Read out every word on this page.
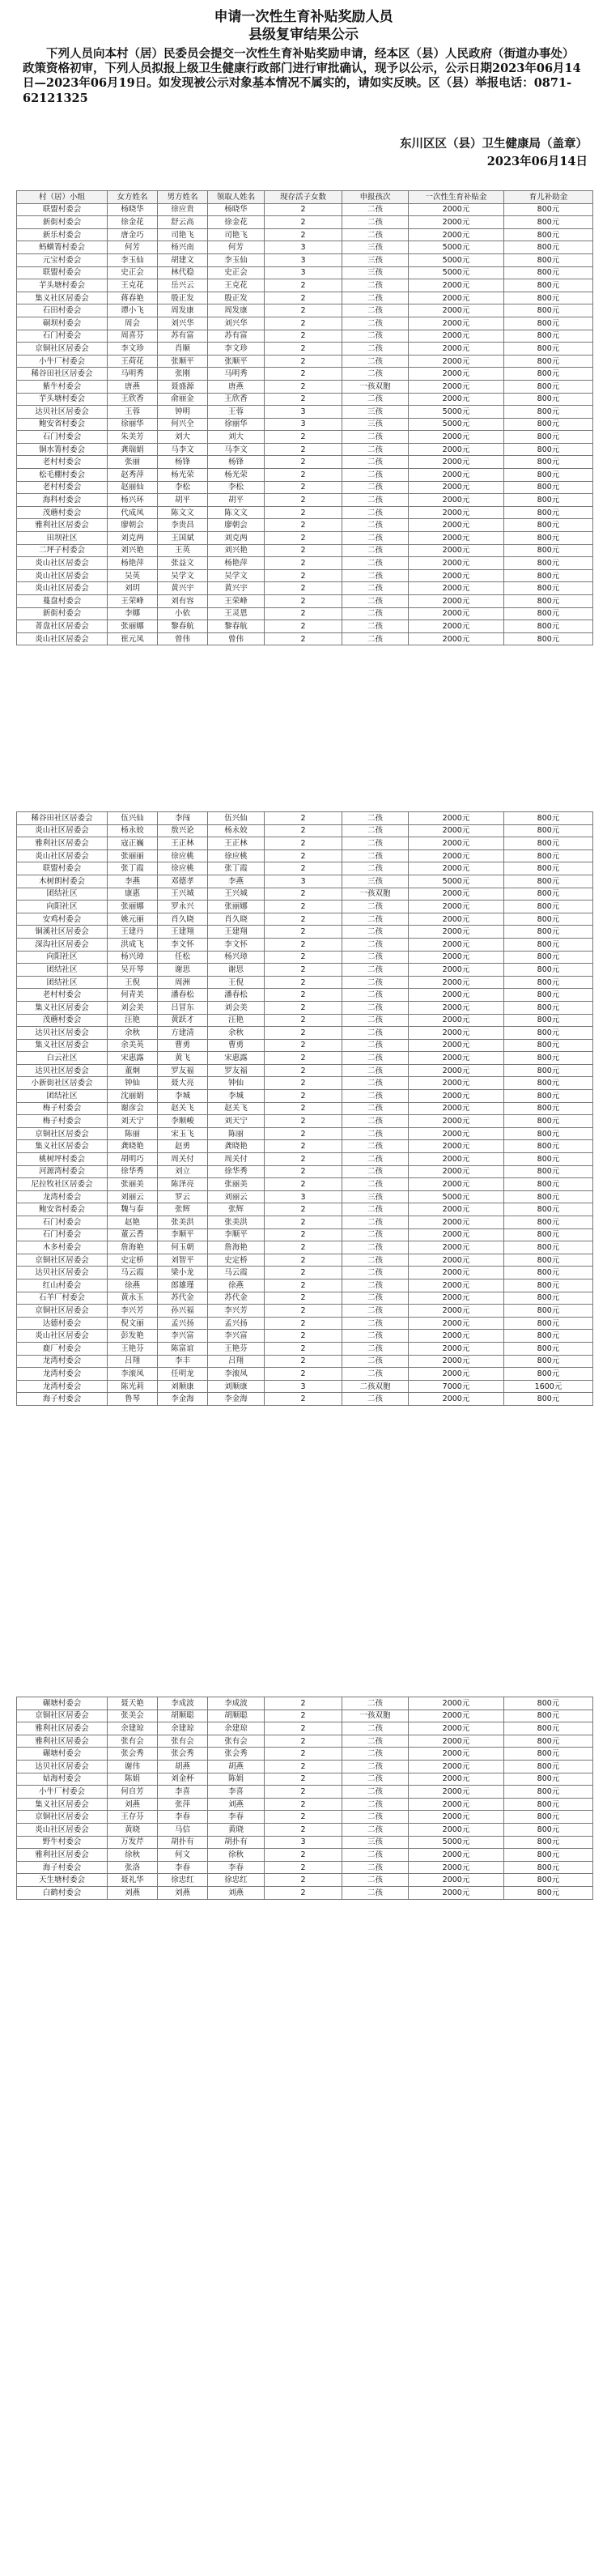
申请一次性生育补贴奖励人员
县级复审结果公示
下列人员向本村（居）民委员会提交一次性生育补贴奖励申请，经本区（县）人民政府（街道办事处）政策资格初审，下列人员拟报上级卫生健康行政部门进行审批确认，现予以公示，公示日期2023年06月14日—2023年06月19日。如发现被公示对象基本情况不属实的，请如实反映。区（县）举报电话：0871-62121325
东川区区（县）卫生健康局（盖章）
2023年06月14日
村（居）小组	女方姓名	男方姓名	领取人姓名	现存活子女数	申报孩次	一次性生育补贴金	育儿补助金
联盟村委会	杨晓华	徐应贵	杨晓华	2	二孩	2000元	800元
新街村委会	徐金花	舒云高	徐金花	2	二孩	2000元	800元
新乐村委会	唐金巧	司艳飞	司艳飞	2	二孩	2000元	800元
蚂蟥箐村委会	何芳	杨兴南	何芳	3	三孩	5000元	800元
元宝村委会	李玉仙	胡建文	李玉仙	3	三孩	5000元	800元
联盟村委会	史正会	林代稳	史正会	3	三孩	5000元	800元
芋头塘村委会	王克花	岳兴云	王克花	2	二孩	2000元	800元
集义社区居委会	蒋春艳	殷正发	殷正发	2	二孩	2000元	800元
石田村委会	谭小飞	周发康	周发康	2	二孩	2000元	800元
硐坝村委会	周会	刘兴华	刘兴华	2	二孩	2000元	800元
石门村委会	周喜芬	苏有富	苏有富	2	二孩	2000元	800元
京铜社区居委会	李文珍	肖顺	李文珍	2	二孩	2000元	800元
小牛厂村委会	王荷花	张顺平	张顺平	2	二孩	2000元	800元
稀谷田社区居委会	马明秀	张刚	马明秀	2	二孩	2000元	800元
紫牛村委会	唐燕	聂盛源	唐燕	2	一孩双胞	2000元	800元
芋头塘村委会	王欣香	俞丽金	王欣香	2	二孩	2000元	800元
达贝社区居委会	王蓉	钟明	王蓉	3	三孩	5000元	800元
鲍安省村委会	徐丽华	何兴全	徐丽华	3	三孩	5000元	800元
石门村委会	朱美芳	刘大	刘大	2	二孩	2000元	800元
铜水箐村委会	龚瑞娟	马李文	马李文	2	二孩	2000元	800元
老村村委会	张丽	杨锋	杨锋	2	二孩	2000元	800元
松毛棚村委会	赵秀萍	杨光荣	杨光荣	2	二孩	2000元	800元
老村村委会	赵丽仙	李松	李松	2	二孩	2000元	800元
海科村委会	杨兴环	胡平	胡平	2	二孩	2000元	800元
茂蘑村委会	代成凤	陈文文	陈文文	2	二孩	2000元	800元
雅利社区居委会	廖朝会	李贵昌	廖朝会	2	二孩	2000元	800元
田坝社区	刘克两	王国斌	刘克两	2	二孩	2000元	800元
二坪子村委会	刘兴艳	王英	刘兴艳	2	二孩	2000元	800元
炎山社区居委会	杨艳萍	张益文	杨艳萍	2	二孩	2000元	800元
炎山社区居委会	吴英	吴学文	吴学文	2	二孩	2000元	800元
炎山社区居委会	刘玥	黄兴宇	黄兴宇	2	二孩	2000元	800元
蔓盘村委会	王荣峰	刘有容	王荣峰	2	二孩	2000元	800元
新街村委会	李娜	小依	王灵恩	2	二孩	2000元	800元
菁盘社区居委会	张丽娜	黎春航	黎春航	2	二孩	2000元	800元
炎山社区居委会	崔元凤	曾伟	曾伟	2	二孩	2000元	800元
稀谷田社区居委会	伍兴仙	李闯	伍兴仙	2	二孩	2000元	800元
炎山社区居委会	杨永姣	敖兴论	杨永姣	2	二孩	2000元	800元
雅利社区居委会	寇正巍	王正林	王正林	2	二孩	2000元	800元
炎山社区居委会	张丽丽	徐应桃	徐应桃	2	二孩	2000元	800元
联盟村委会	张丁霞	徐应桃	张丁霞	2	二孩	2000元	800元
木树朗村委会	李燕	邓德孝	李燕	3	三孩	5000元	800元
团结社区	康惠	王兴城	王兴城	2	一孩双胞	2000元	800元
向阳社区	张丽娜	罗永兴	张丽娜	2	二孩	2000元	800元
安鸡村委会	姚元丽	肖久晓	肖久晓	2	二孩	2000元	800元
铜溪社区居委会	王建丹	王建翔	王建翔	2	二孩	2000元	800元
深沟社区居委会	洪成飞	李文怀	李文怀	2	二孩	2000元	800元
向阳社区	杨兴璋	任松	杨兴璋	2	二孩	2000元	800元
团结社区	吴开琴	谢思	谢思	2	二孩	2000元	800元
团结社区	王倪	周洲	王倪	2	二孩	2000元	800元
老村村委会	何青美	潘春松	潘春松	2	二孩	2000元	800元
集义社区居委会	刘会美	吕冒东	刘会美	2	二孩	2000元	800元
茂蘑村委会	汪艳	黄跃才	汪艳	2	二孩	2000元	800元
达贝社区居委会	余秋	方建清	余秋	2	二孩	2000元	800元
集义社区居委会	余美英	曹勇	曹勇	2	二孩	2000元	800元
白云社区	宋惠露	黄飞	宋惠露	2	二孩	2000元	800元
达贝社区居委会	董炯	罗友福	罗友福	2	二孩	2000元	800元
小新街社区居委会	钟仙	聂大亮	钟仙	2	二孩	2000元	800元
团结社区	沈丽娟	李城	李城	2	二孩	2000元	800元
梅子村委会	谢彦会	赵关飞	赵关飞	2	二孩	2000元	800元
梅子村委会	刘天宁	李顺峻	刘天宁	2	二孩	2000元	800元
京铜社区居委会	陈丽	宋玉飞	陈丽	2	二孩	2000元	800元
集义社区居委会	龚晓艳	赵勇	龚晓艳	2	二孩	2000元	800元
桃树坪村委会	胡明巧	周关付	周关付	2	二孩	2000元	800元
河源湾村委会	徐华秀	刘立	徐华秀	2	二孩	2000元	800元
尼拉牧社区居委会	张丽美	陈泽亮	张丽美	2	二孩	2000元	800元
龙湾村委会	刘丽云	罗云	刘丽云	3	三孩	5000元	800元
鲍安省村委会	魏与泰	张辉	张辉	2	二孩	2000元	800元
石门村委会	赵艳	张美洪	张美洪	2	二孩	2000元	800元
石门村委会	董云香	李顺平	李顺平	2	二孩	2000元	800元
木多村委会	詹海艳	何玉朝	詹海艳	2	二孩	2000元	800元
京铜社区居委会	史定桥	刘智平	史定桥	2	二孩	2000元	800元
达贝社区居委会	马云霞	梁小龙	马云霞	2	二孩	2000元	800元
红山村委会	徐燕	郎雄瑾	徐燕	2	二孩	2000元	800元
石羊厂村委会	黄永玉	苏代金	苏代金	2	二孩	2000元	800元
京铜社区居委会	李兴芳	孙兴福	李兴芳	2	二孩	2000元	800元
达德村委会	倪文丽	孟兴扬	孟兴扬	2	二孩	2000元	800元
炎山社区居委会	彭发艳	李兴富	李兴富	2	二孩	2000元	800元
鹿厂村委会	王艳芬	陈富谊	王艳芬	2	二孩	2000元	800元
龙湾村委会	吕翔	李丰	吕翔	2	二孩	2000元	800元
龙湾村委会	李滚凤	任明龙	李滚凤	2	二孩	2000元	800元
龙湾村委会	陈光莉	刘顺康	刘顺康	3	二孩双胞	7000元	1600元
海子村委会	鲁琴	李金海	李金海	2	二孩	2000元	800元
碾塘村委会	聂天艳	李成波	李成波	2	二孩	2000元	800元
京铜社区居委会	张美会	胡顺聪	胡顺聪	2	一孩双胞	2000元	800元
雅利社区居委会	余建琼	余建琼	余建琼	2	二孩	2000元	800元
雅利社区居委会	张有会	张有会	张有会	2	二孩	2000元	800元
碾塘村委会	张会秀	张会秀	张会秀	2	二孩	2000元	800元
达贝社区居委会	谢伟	胡燕	胡燕	2	二孩	2000元	800元
姑海村委会	陈娟	刘金杯	陈娟	2	二孩	2000元	800元
小牛厂村委会	何自芳	李喜	李喜	2	二孩	2000元	800元
集义社区居委会	刘燕	张萍	刘燕	2	二孩	2000元	800元
京铜社区居委会	王存芬	李春	李春	2	二孩	2000元	800元
炎山社区居委会	黄晓	马信	黄晓	2	二孩	2000元	800元
野牛村委会	万发芹	胡扑有	胡扑有	3	三孩	5000元	800元
雅利社区居委会	徐秋	何文	徐秋	2	二孩	2000元	800元
海子村委会	张洛	李春	李春	2	二孩	2000元	800元
天生塘村委会	聂礼华	徐忠红	徐忠红	2	二孩	2000元	800元
白鹤村委会	刘燕	刘燕	刘燕	2	二孩	2000元	800元
